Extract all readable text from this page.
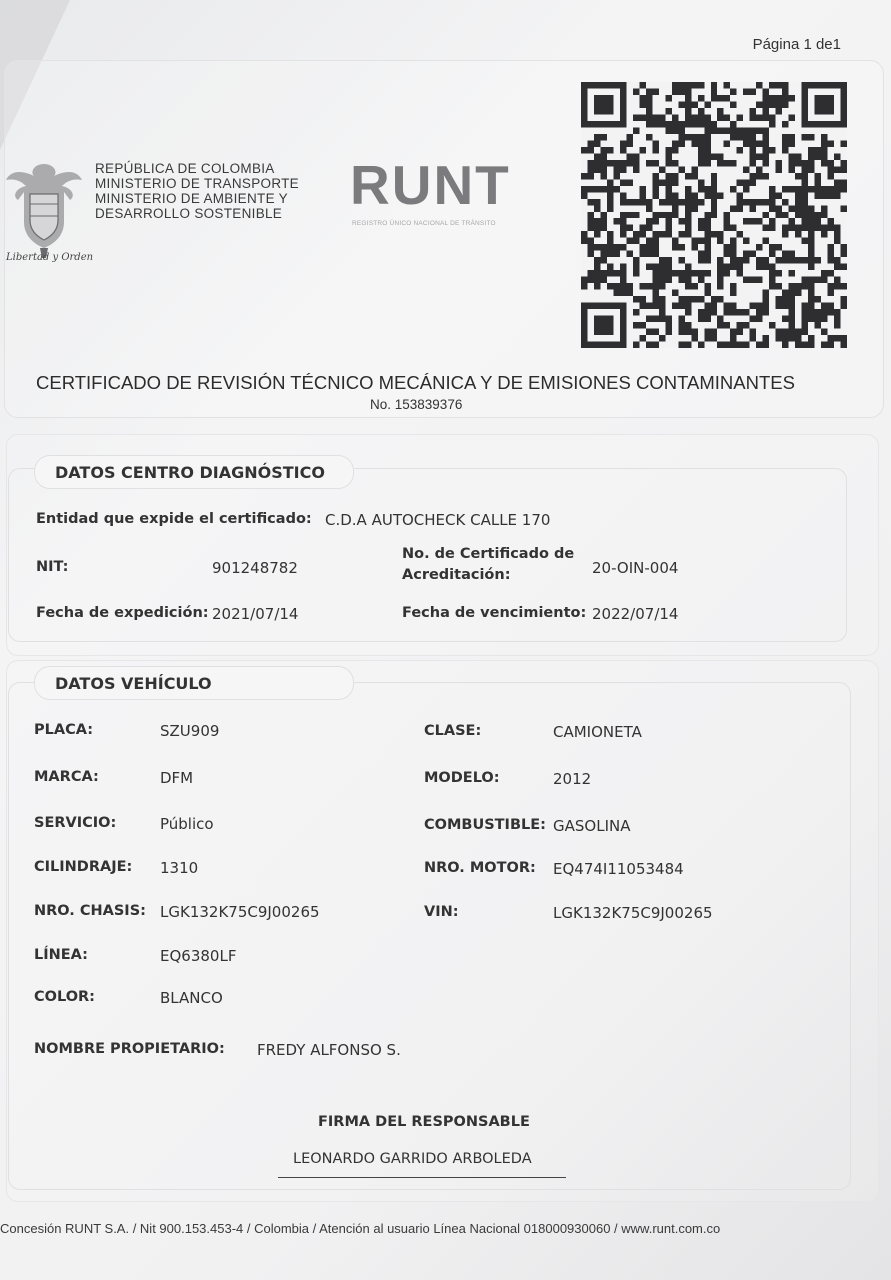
Página 1 de1
Libertad y Orden
REPÚBLICA DE COLOMBIA
MINISTERIO DE TRANSPORTE
MINISTERIO DE AMBIENTE Y
DESARROLLO SOSTENIBLE	RUNT
REGISTRO ÚNICO NACIONAL DE TRÁNSITO
CERTIFICADO DE REVISIÓN TÉCNICO MECÁNICA Y DE EMISIONES CONTAMINANTES
No. 153839376
DATOS CENTRO DIAGNÓSTICO
Entidad que expide el certificado: C.D.A AUTOCHECK CALLE 170
NIT:	901248782
No. de Certificado de Acreditación:	20-OIN-004
Fecha de expedición: 2021/07/14	Fecha de vencimiento: 2022/07/14
DATOS VEHÍCULO
PLACA:	SZU909	CLASE:	CAMIONETA
MARCA:	DFM	MODELO:	2012
SERVICIO:	Público	COMBUSTIBLE: GASOLINA
CILINDRAJE: 1310	NRO. MOTOR: EQ474I11053484
NRO. CHASIS: LGK132K75C9J00265	VIN:	LGK132K75C9J00265
LÍNEA:	EQ6380LF
COLOR:	BLANCO
NOMBRE PROPIETARIO: FREDY ALFONSO S.
FIRMA DEL RESPONSABLE
LEONARDO GARRIDO ARBOLEDA
Concesión RUNT S.A. / Nit 900.153.453-4 / Colombia / Atención al usuario Línea Nacional 018000930060 / www.runt.com.co
